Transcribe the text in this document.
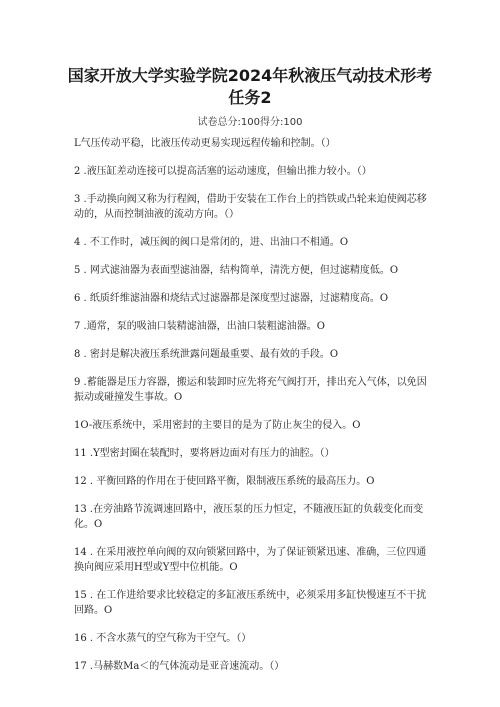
国家开放大学实验学院2024年秋液压气动技术形考
任务2
试卷总分:100得分:100
L气压传动平稳，比液压传动更易实现远程传输和控制。（）
2 .液压缸差动连接可以提高活塞的运动速度，但输出推力较小。（）
3 .手动换向阀又称为行程阀，借助于安装在工作台上的挡铁或凸轮来迫使阀芯移动的，从而控制油液的流动方向。（）
4 . 不工作时，减压阀的阀口是常闭的，进、出油口不相通。O
5 . 网式滤油器为表面型滤油器，结构简单，清洗方便，但过滤精度低。O
6 . 纸质纤维滤油器和烧结式过滤器都是深度型过滤器，过滤精度高。O
7 .通常，泵的吸油口装精滤油器，出油口装粗滤油器。O
8 . 密封是解决液压系统泄露问题最重要、最有效的手段。O
9 .蓄能器是压力容器，搬运和装卸时应先将充气阀打开，排出充入气体，以免因振动或碰撞发生事故。O
1O-液压系统中，采用密封的主要目的是为了防止灰尘的侵入。O
11 .Y型密封圈在装配时，要将唇边面对有压力的油腔。（）
12 . 平衡回路的作用在于使回路平衡，限制液压系统的最高压力。O
13 .在旁油路节流调速回路中，液压泵的压力恒定，不随液压缸的负载变化而变化。O
14 . 在采用液控单向阀的双向锁紧回路中，为了保证锁紧迅速、准确，三位四通换向阀应采用H型或Y型中位机能。O
15 . 在工作进给要求比较稳定的多缸液压系统中，必须采用多缸快慢速互不干扰回路。O
16 . 不含水蒸气的空气称为干空气。（）
17 .马赫数Ma＜的气体流动是亚音速流动。（）
